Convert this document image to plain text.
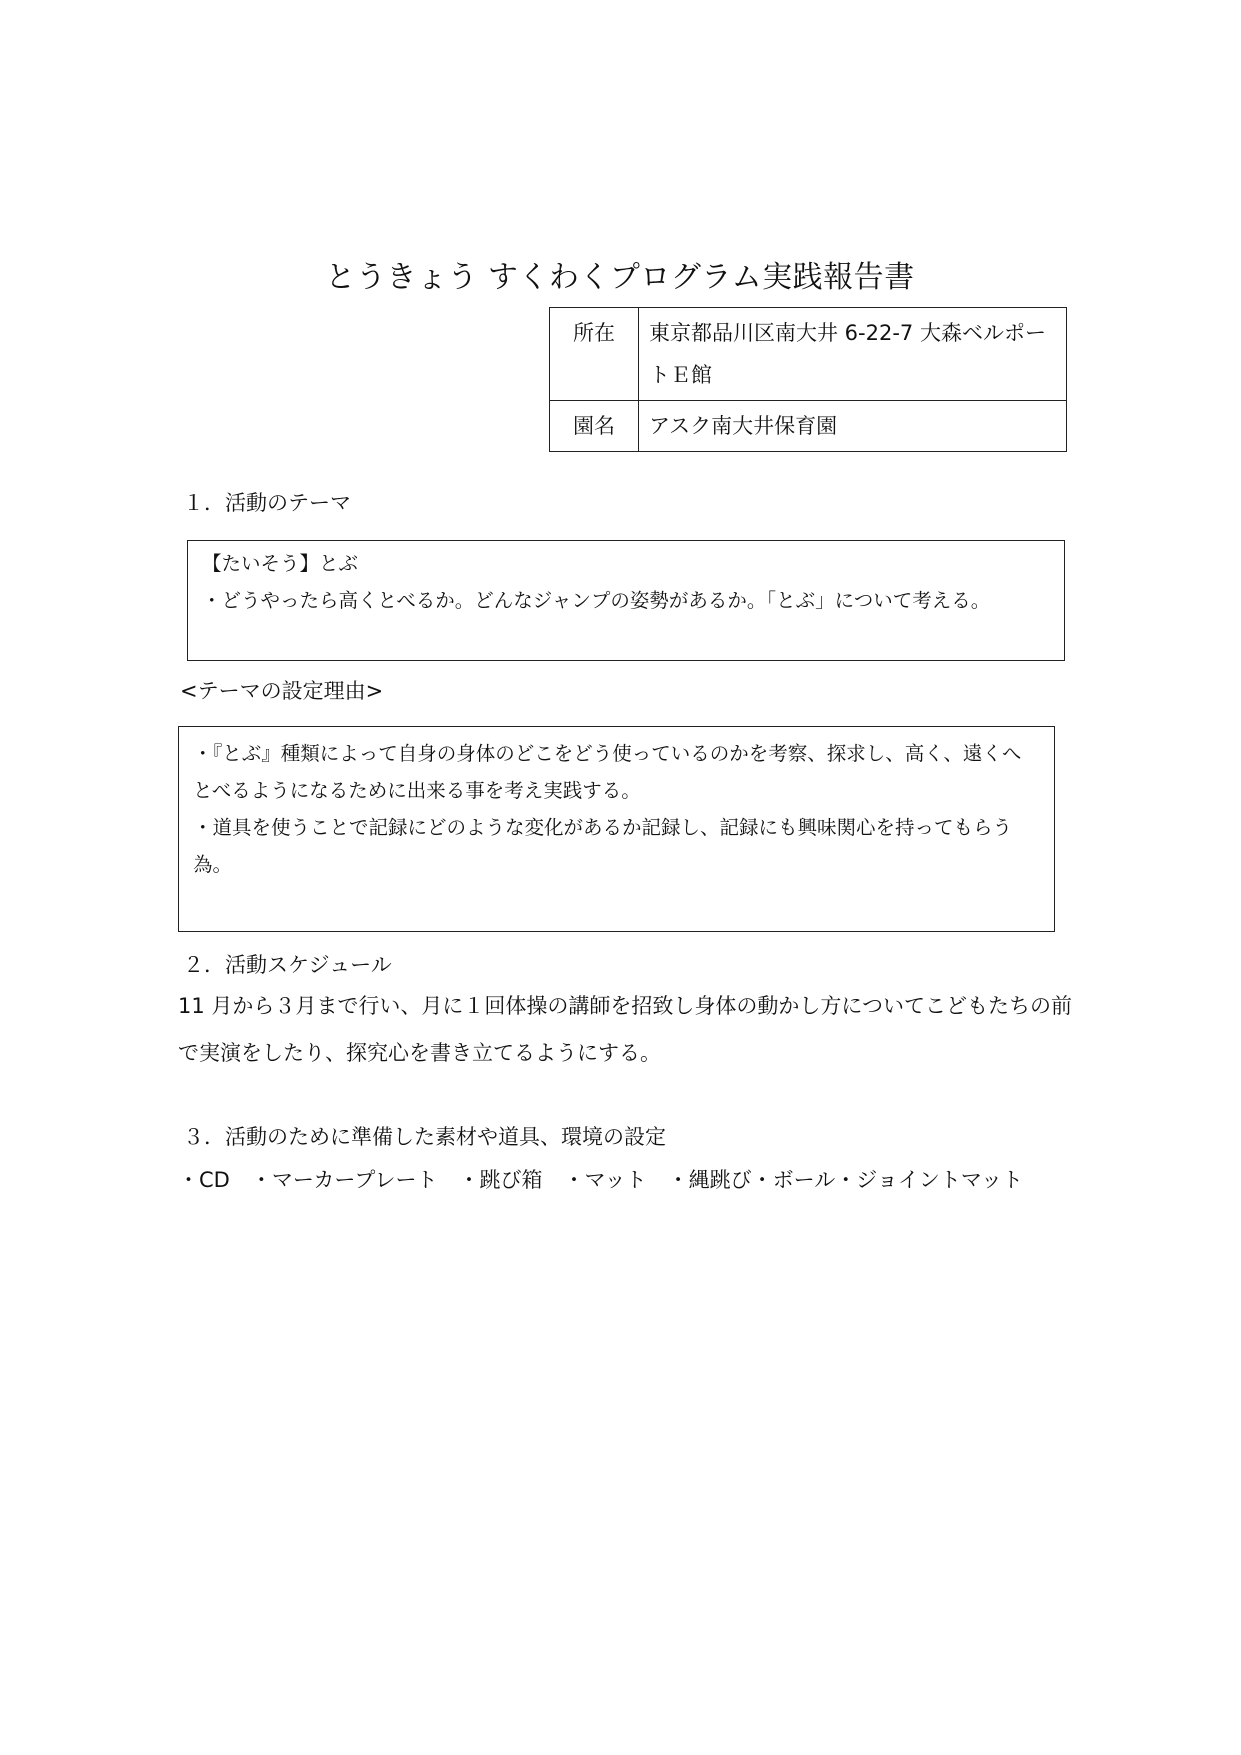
とうきょう すくわくプログラム実践報告書
所在	東京都品川区南大井 6-22-7 大森ベルポートＥ館
園名	アスク南大井保育園
１．活動のテーマ

【たいそう】とぶ

・どうやったら高くとべるか。どんなジャンプの姿勢があるか。「とぶ」について考える。

<テーマの設定理由>

・『とぶ』種類によって自身の身体のどこをどう使っているのかを考察、探求し、高く、遠くへとべるようになるために出来る事を考え実践する。

・道具を使うことで記録にどのような変化があるか記録し、記録にも興味関心を持ってもらう為。

２．活動スケジュール
11 月から３月まで行い、月に１回体操の講師を招致し身体の動かし方についてこどもたちの前で実演をしたり、探究心を書き立てるようにする。
３．活動のために準備した素材や道具、環境の設定
・CD　・マーカープレート　・跳び箱　・マット　・縄跳び・ボール・ジョイントマット
